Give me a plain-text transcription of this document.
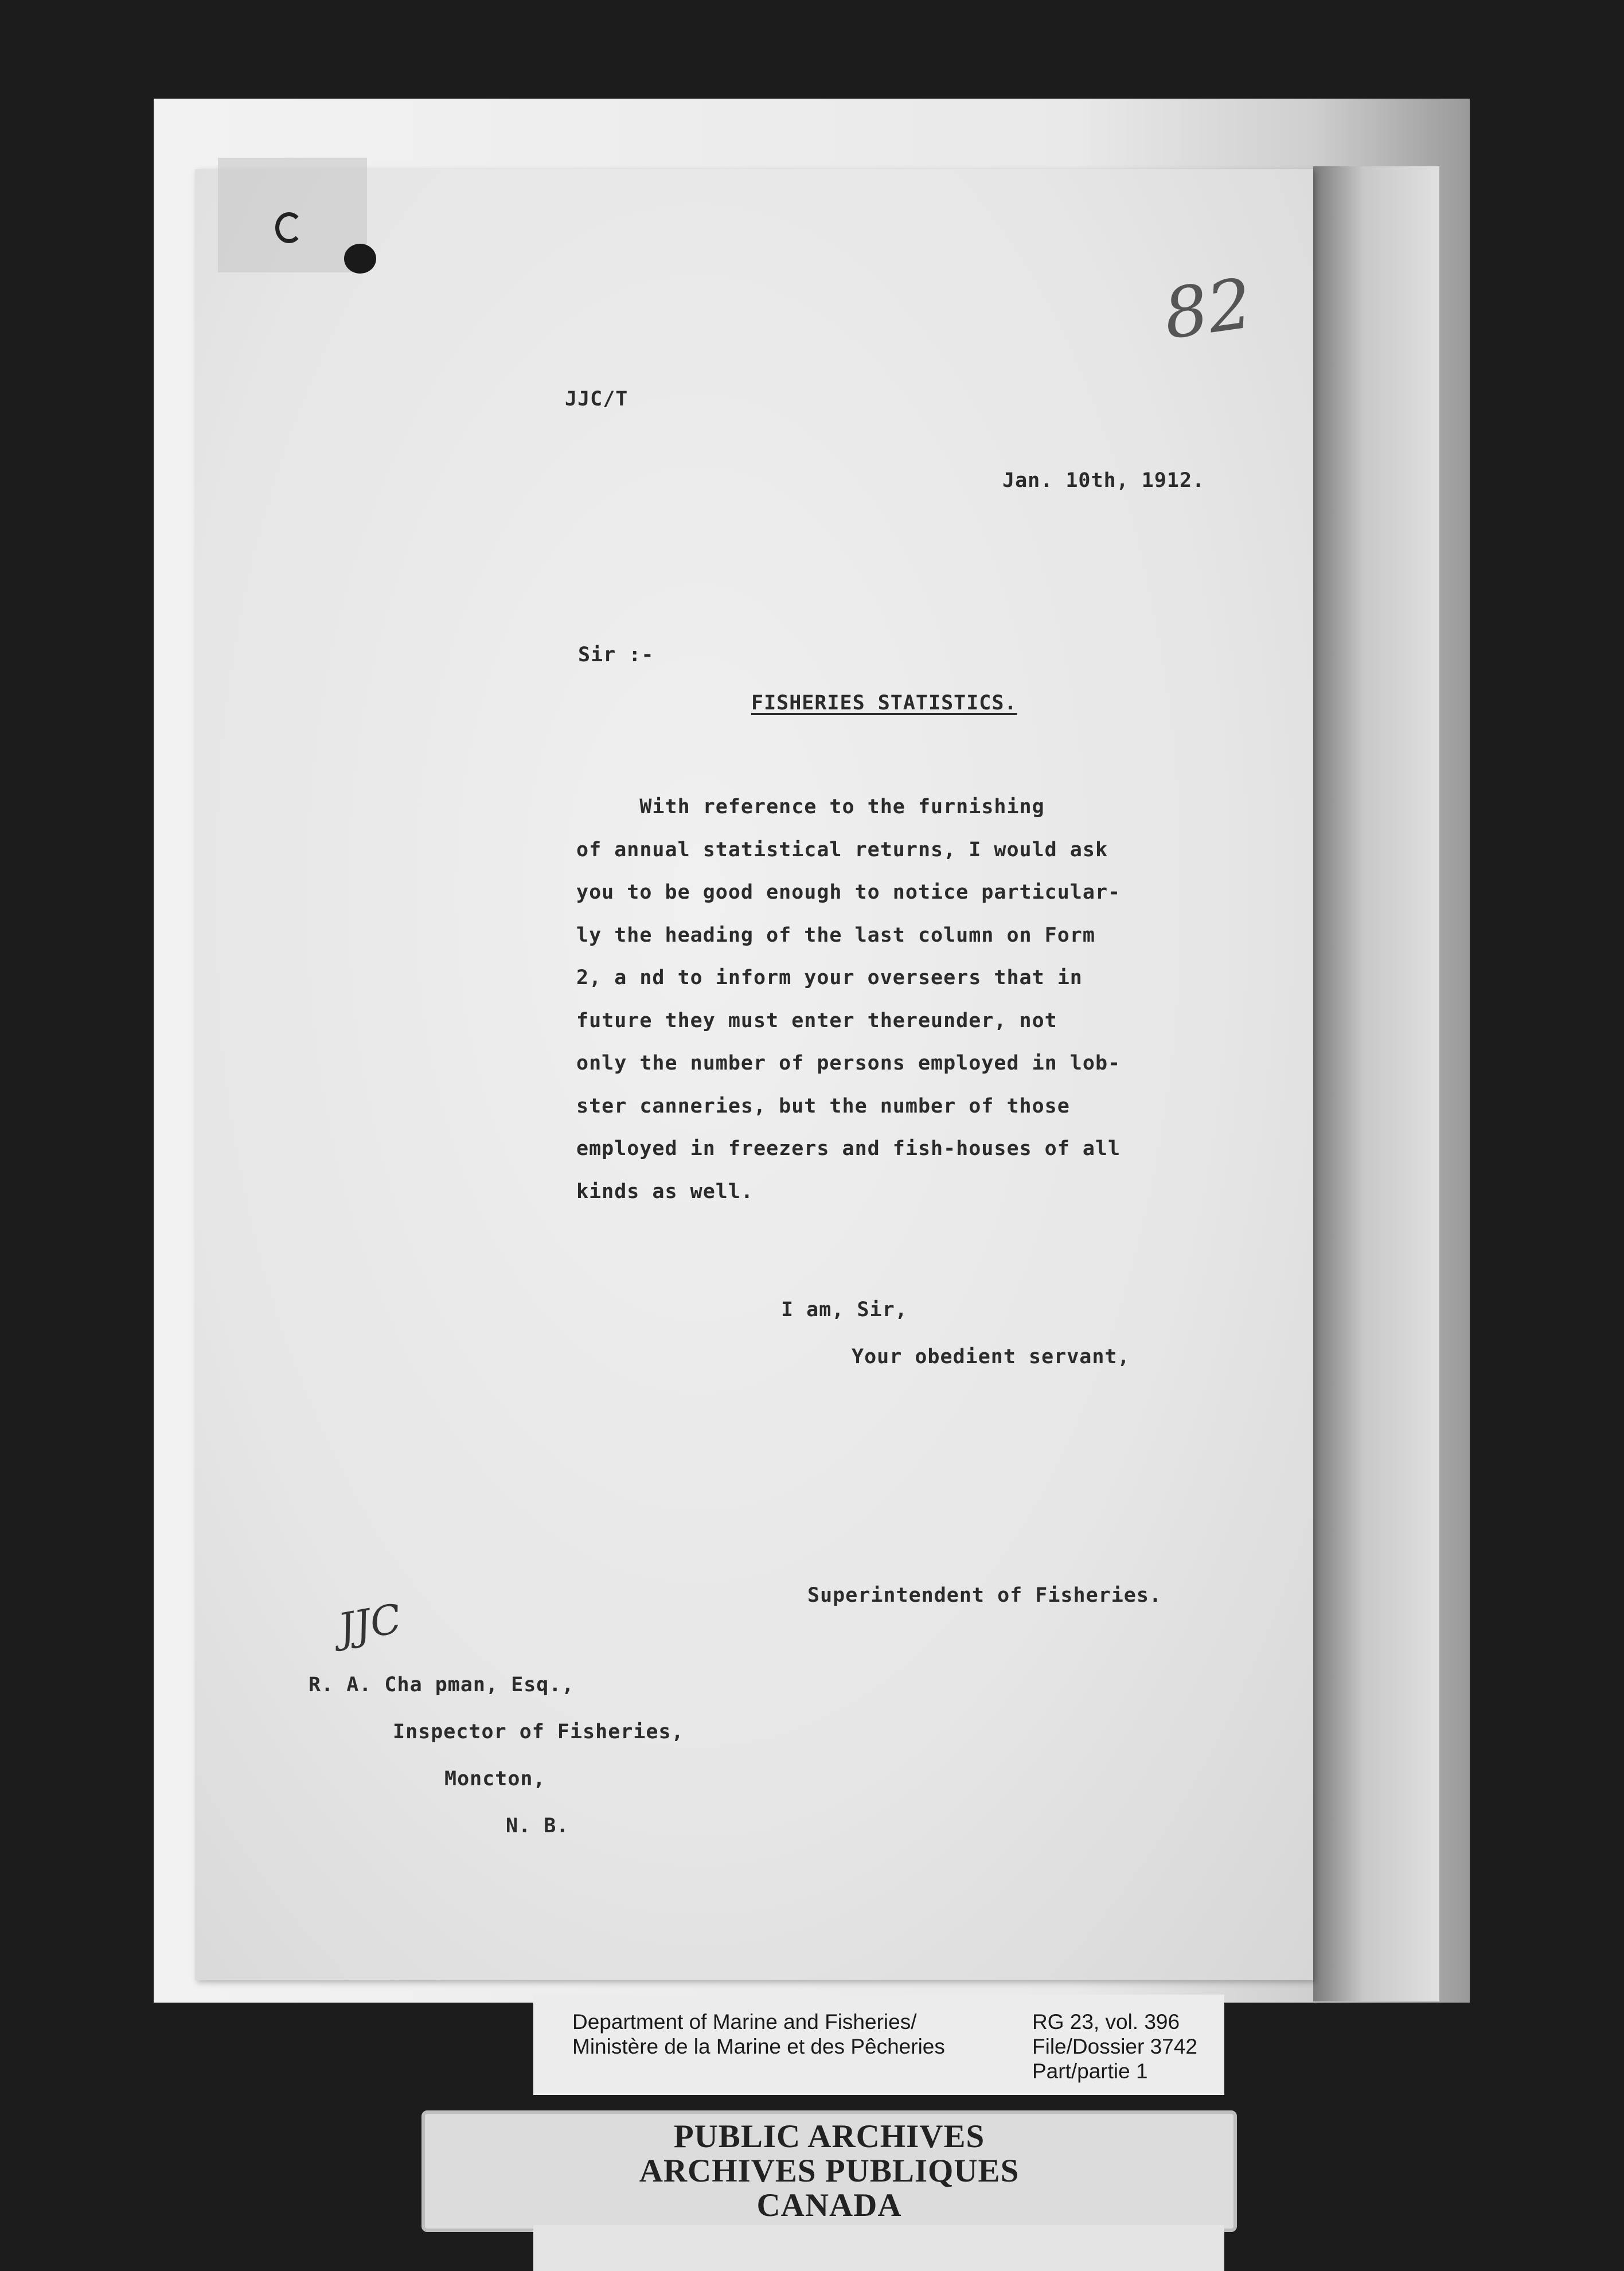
82
JJC/T
Jan. 10th, 1912.
Sir :-
FISHERIES STATISTICS.
With reference to the furnishing
of annual statistical returns, I would ask
you to be good enough to notice particular-
ly the heading of the last column on Form
2, a nd to inform your overseers that in
future they must enter thereunder, not
only the number of persons employed in lob-
ster canneries, but the number of those
employed in freezers and fish-houses of all
kinds as well.
I am, Sir,
Your obedient servant,
Superintendent of Fisheries.
JJC
R. A. Cha pman, Esq.,
Inspector of Fisheries,
Moncton,
N. B.
Department of Marine and Fisheries/
Ministère de la Marine et des Pêcheries
RG 23, vol. 396
File/Dossier 3742
Part/partie 1
PUBLIC ARCHIVES
ARCHIVES PUBLIQUES
CANADA
